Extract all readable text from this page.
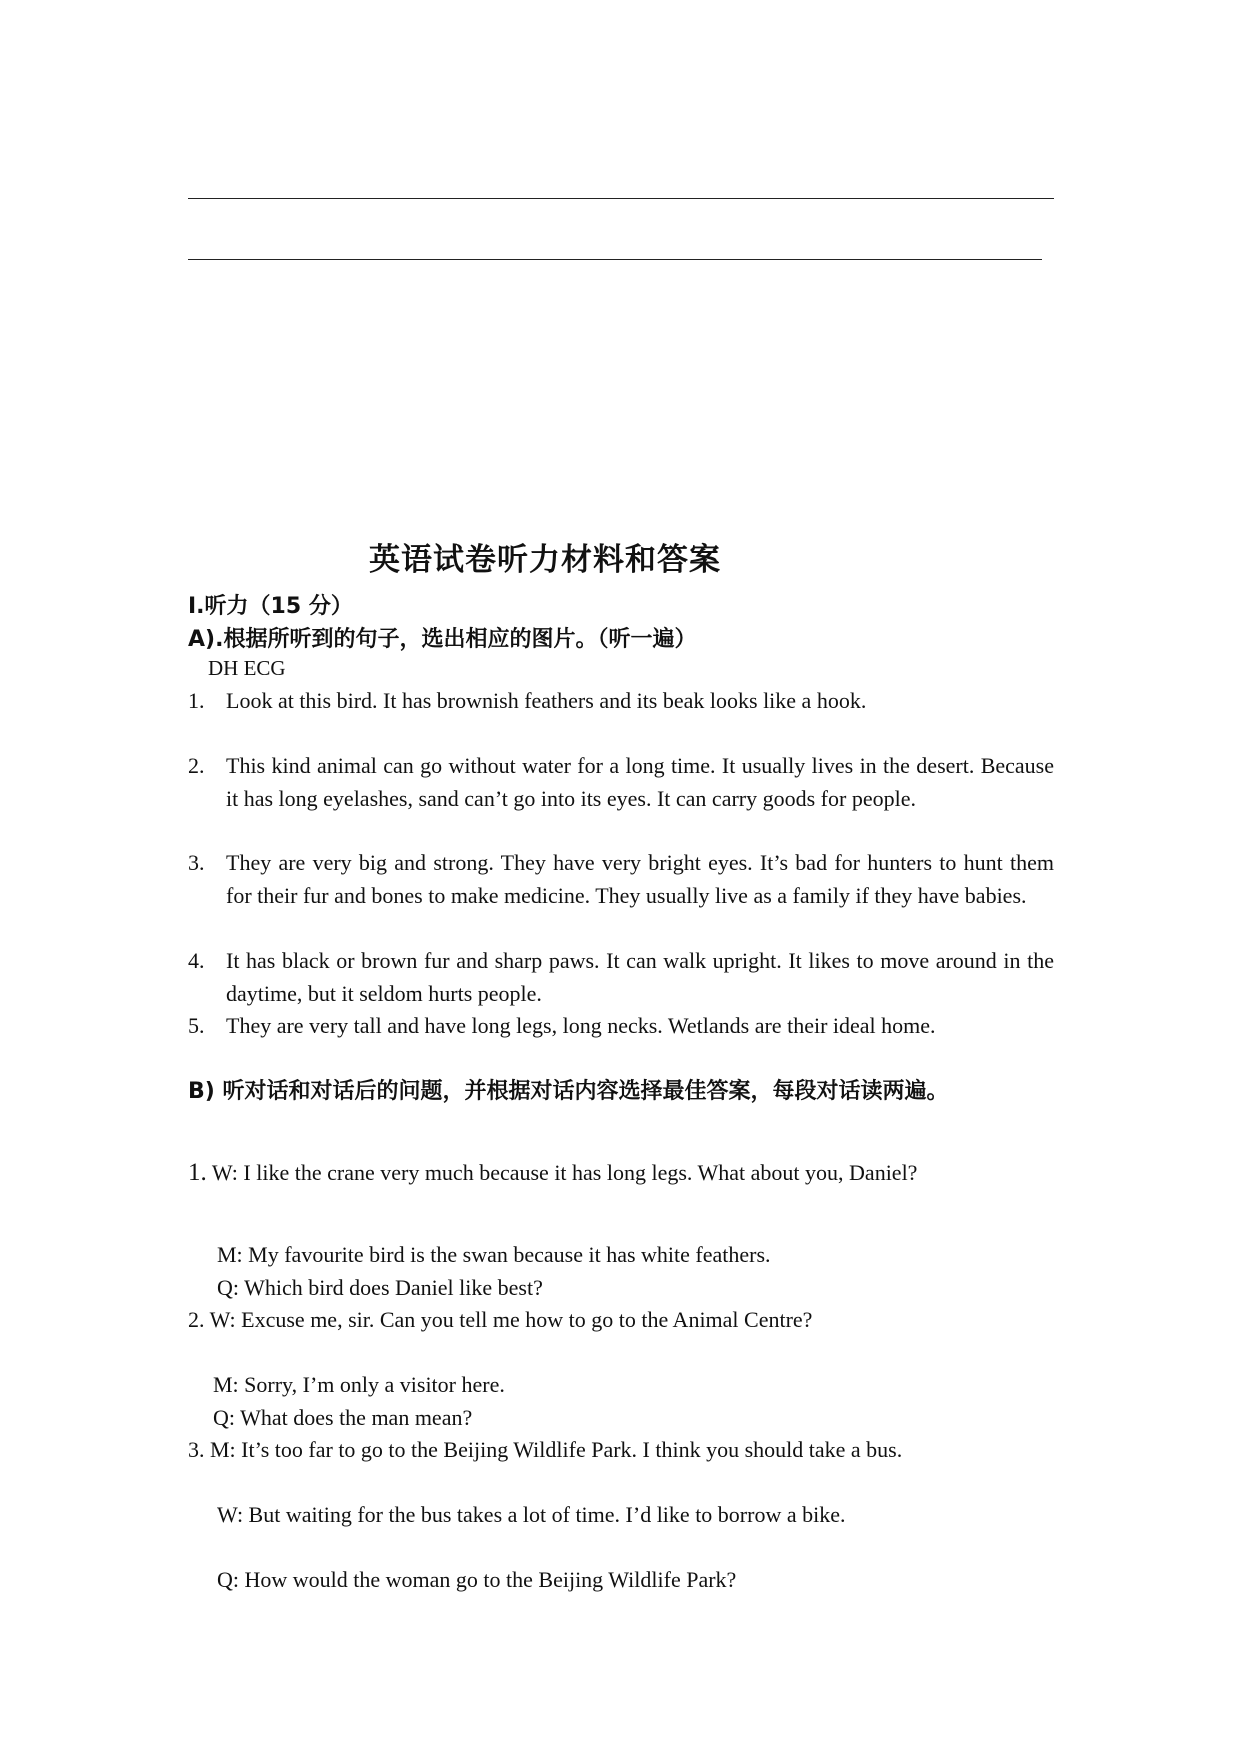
英语试卷听力材料和答案
Ⅰ.听力（15 分）
A).根据所听到的句子，选出相应的图片。（听一遍）
DH ECG
1. Look at this bird. It has brownish feathers and its beak looks like a hook.
2. This kind animal can go without water for a long time. It usually lives in the desert. Because it has long eyelashes, sand can’t go into its eyes. It can carry goods for people.
3. They are very big and strong. They have very bright eyes. It’s bad for hunters to hunt them for their fur and bones to make medicine. They usually live as a family if they have babies.
4. It has black or brown fur and sharp paws. It can walk upright. It likes to move around in the daytime, but it seldom hurts people.
5. They are very tall and have long legs, long necks. Wetlands are their ideal home.
B) 听对话和对话后的问题，并根据对话内容选择最佳答案，每段对话读两遍。
1. W: I like the crane very much because it has long legs. What about you, Daniel?
M: My favourite bird is the swan because it has white feathers.
Q: Which bird does Daniel like best?
2. W: Excuse me, sir. Can you tell me how to go to the Animal Centre?
M: Sorry, I’m only a visitor here.
Q: What does the man mean?
3. M: It’s too far to go to the Beijing Wildlife Park. I think you should take a bus.
W: But waiting for the bus takes a lot of time. I’d like to borrow a bike.
Q: How would the woman go to the Beijing Wildlife Park?
